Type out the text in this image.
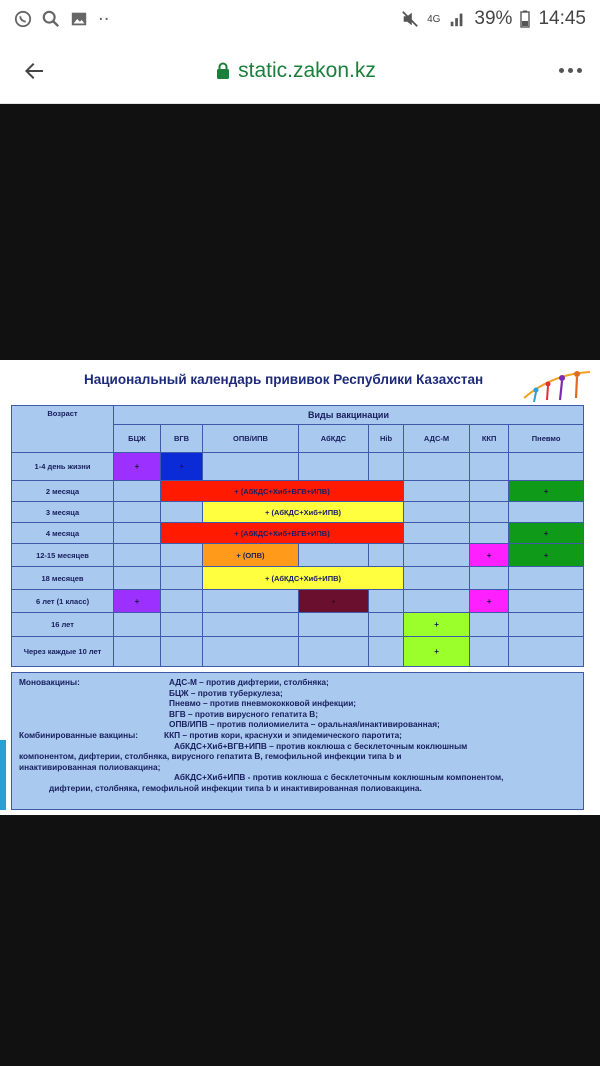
··	4G 39% 14:45
static.zakon.kz
Национальный календарь прививок Республики Казахстан
Возраст	Виды вакцинации							
	БЦЖ	ВГВ	ОПВ/ИПВ	АбКДС	Hib	АДС-М	ККП	Пневмо
1-4 день жизни	+	+						
2 месяца		+ (АбКДС+Хиб+ВГВ+ИПВ)						+
3 месяца			+ (АбКДС+Хиб+ИПВ)					
4 месяца		+ (АбКДС+Хиб+ВГВ+ИПВ)						+
12-15 месяцев			+ (ОПВ)				+	+
18 месяцев			+ (АбКДС+Хиб+ИПВ)					
6 лет (1 класс)	+			+			+	
16 лет						+		
Через каждые 10 лет						+		
Моновакцины:	АДС-М – против дифтерии, столбняка;
БЦЖ – против туберкулеза;
Пневмо – против пневмококковой инфекции;
ВГВ – против вирусного гепатита В;
ОПВ/ИПВ – против полиомиелита – оральная/инактивированная;
Комбинированные вакцины:	ККП – против кори, краснухи и эпидемического паротита;
АбКДС+Хиб+ВГВ+ИПВ – против коклюша с бесклеточным коклюшным
компонентом, дифтерии, столбняка, вирусного гепатита В, гемофильной инфекции типа b и
инактивированная полиовакцина;
АбКДС+Хиб+ИПВ - против коклюша с бесклеточным коклюшным компонентом,
дифтерии, столбняка, гемофильной инфекции типа b и инактивированная полиовакцина.
